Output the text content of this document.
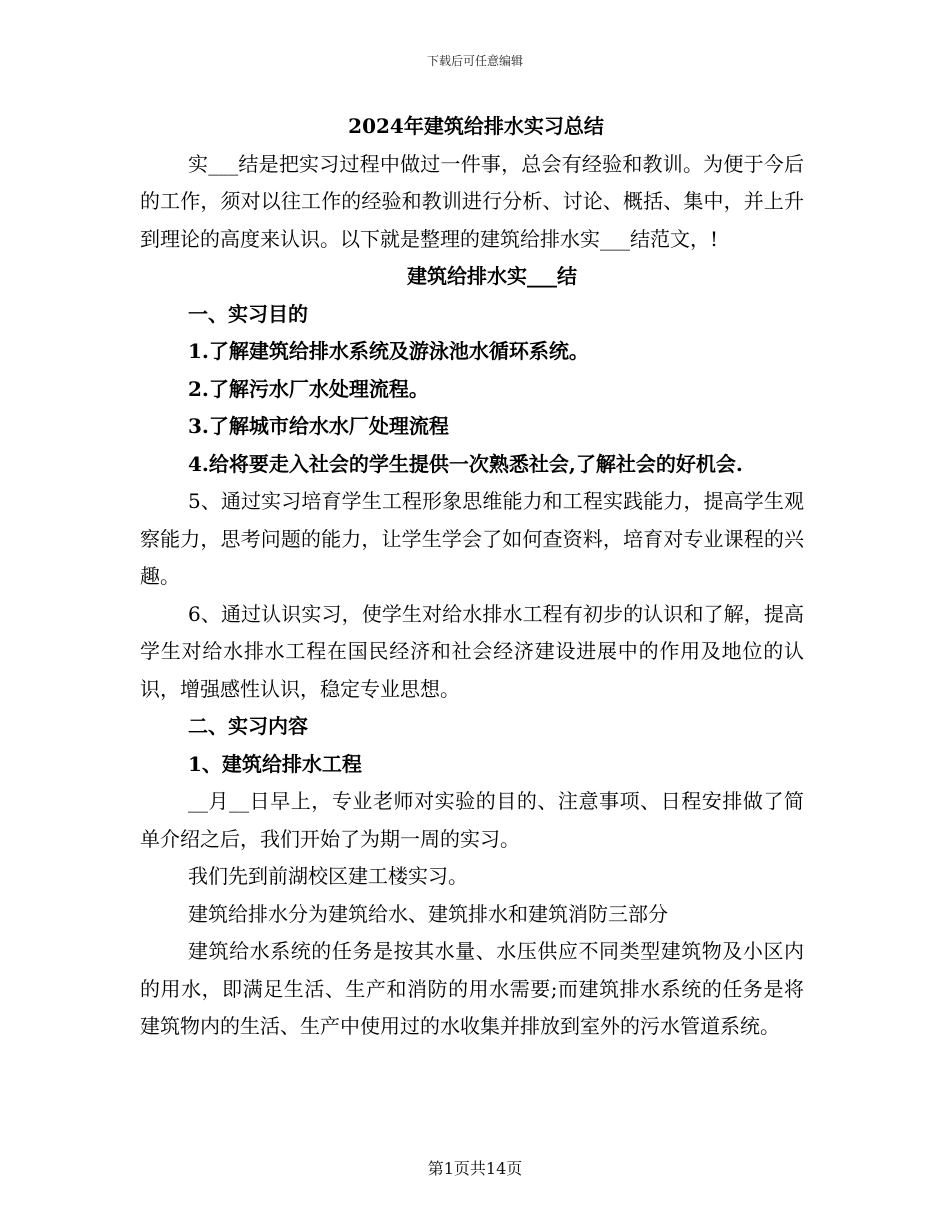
下载后可任意编辑

2024年建筑给排水实习总结

实___结是把实习过程中做过一件事，总会有经验和教训。为便于今后的工作，须对以往工作的经验和教训进行分析、讨论、概括、集中，并上升到理论的高度来认识。以下就是整理的建筑给排水实___结范文，!

建筑给排水实___结

一、实习目的

1.了解建筑给排水系统及游泳池水循环系统。

2.了解污水厂水处理流程。

3.了解城市给水水厂处理流程

4.给将要走入社会的学生提供一次熟悉社会,了解社会的好机会.

5、通过实习培育学生工程形象思维能力和工程实践能力，提高学生观察能力，思考问题的能力，让学生学会了如何查资料，培育对专业课程的兴趣。

6、通过认识实习，使学生对给水排水工程有初步的认识和了解，提高学生对给水排水工程在国民经济和社会经济建设进展中的作用及地位的认识，增强感性认识，稳定专业思想。

二、实习内容

1、建筑给排水工程

__月__日早上，专业老师对实验的目的、注意事项、日程安排做了简单介绍之后，我们开始了为期一周的实习。

我们先到前湖校区建工楼实习。

建筑给排水分为建筑给水、建筑排水和建筑消防三部分

建筑给水系统的任务是按其水量、水压供应不同类型建筑物及小区内的用水，即满足生活、生产和消防的用水需要;而建筑排水系统的任务是将建筑物内的生活、生产中使用过的水收集并排放到室外的污水管道系统。

第1页共14页
